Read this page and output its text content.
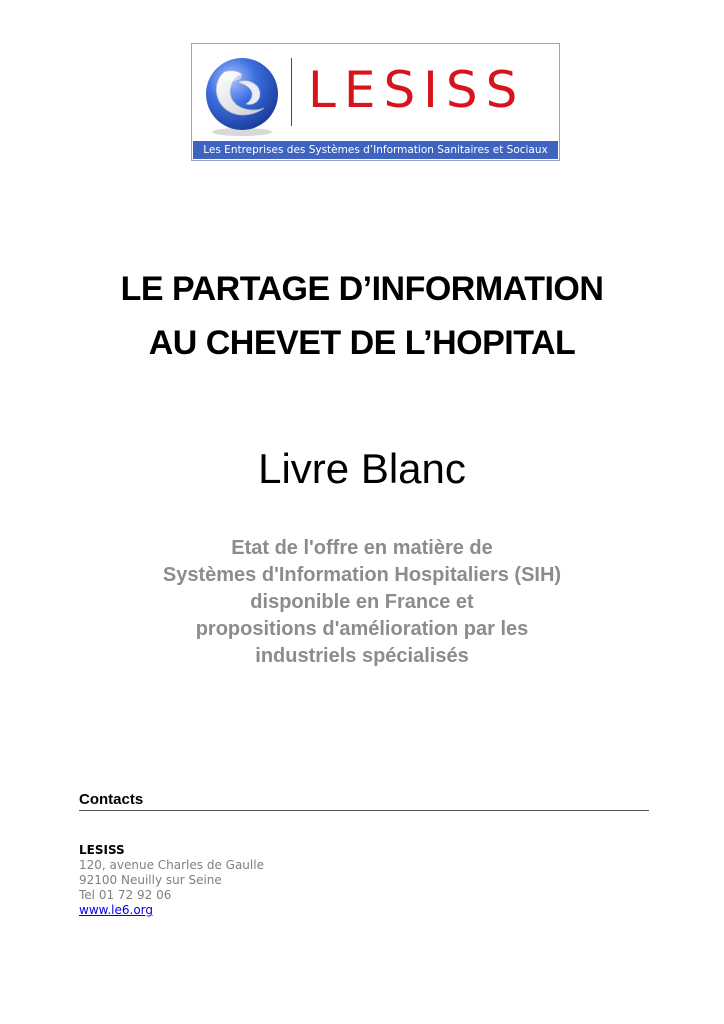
LESISS
Les Entreprises des Systèmes d’Information Sanitaires et Sociaux
LE PARTAGE D’INFORMATION
AU CHEVET DE L’HOPITAL
Livre Blanc
Etat de l'offre en matière de
Systèmes d'Information Hospitaliers (SIH)
disponible en France et
propositions d'amélioration par les
industriels spécialisés
Contacts
LESISS
120, avenue Charles de Gaulle
92100 Neuilly sur Seine
Tel 01 72 92 06
www.le6.org
